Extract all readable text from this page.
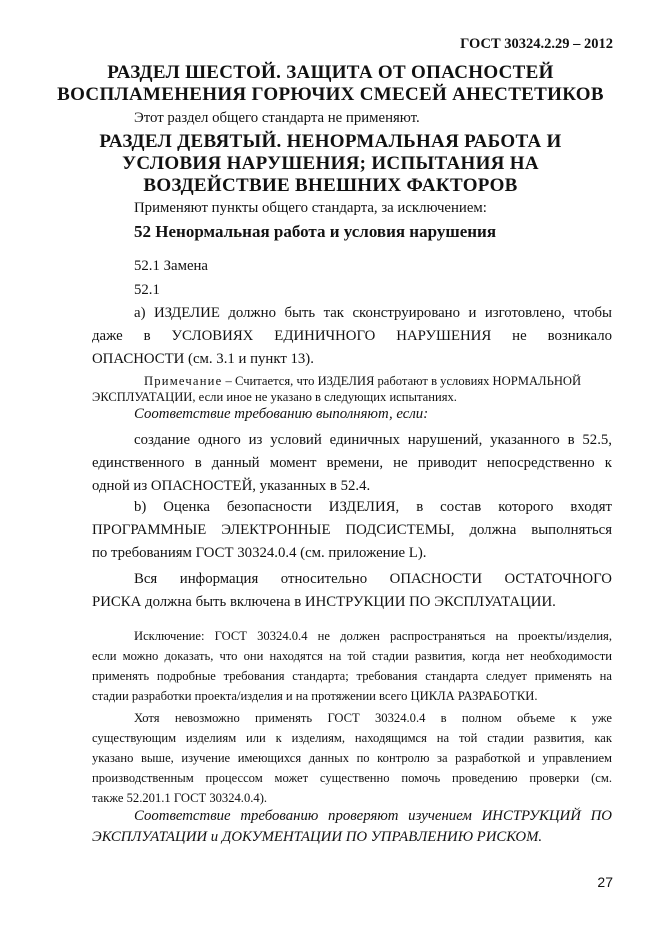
ГОСТ 30324.2.29 – 2012

РАЗДЕЛ ШЕСТОЙ. ЗАЩИТА ОТ ОПАСНОСТЕЙ
ВОСПЛАМЕНЕНИЯ ГОРЮЧИХ СМЕСЕЙ АНЕСТЕТИКОВ

Этот раздел общего стандарта не применяют.

РАЗДЕЛ ДЕВЯТЫЙ. НЕНОРМАЛЬНАЯ РАБОТА И
УСЛОВИЯ НАРУШЕНИЯ; ИСПЫТАНИЯ НА
ВОЗДЕЙСТВИЕ ВНЕШНИХ ФАКТОРОВ

Применяют пункты общего стандарта, за исключением:

52 Ненормальная работа и условия нарушения

52.1 Замена

52.1

a) ИЗДЕЛИЕ должно быть так сконструировано и изготовлено, чтобы

даже в УСЛОВИЯХ ЕДИНИЧНОГО НАРУШЕНИЯ не возникало

ОПАСНОСТИ (см. 3.1 и пункт 13).

Примечание – Считается, что ИЗДЕЛИЯ работают в условиях НОРМАЛЬНОЙ

ЭКСПЛУАТАЦИИ, если иное не указано в следующих испытаниях.

Соответствие требованию выполняют, если:

создание одного из условий единичных нарушений, указанного в 52.5,

единственного в данный момент времени, не приводит непосредственно к

одной из ОПАСНОСТЕЙ, указанных в 52.4.

b) Оценка безопасности ИЗДЕЛИЯ, в состав которого входят

ПРОГРАММНЫЕ ЭЛЕКТРОННЫЕ ПОДСИСТЕМЫ, должна выполняться

по требованиям ГОСТ 30324.0.4 (см. приложение L).

Вся информация относительно ОПАСНОСТИ ОСТАТОЧНОГО

РИСКА должна быть включена в ИНСТРУКЦИИ ПО ЭКСПЛУАТАЦИИ.

Исключение: ГОСТ 30324.0.4 не должен распространяться на проекты/изделия,

если можно доказать, что они находятся на той стадии развития, когда нет необходимости

применять подробные требования стандарта; требования стандарта следует применять на

стадии разработки проекта/изделия и на протяжении всего ЦИКЛА РАЗРАБОТКИ.

Хотя невозможно применять ГОСТ 30324.0.4 в полном объеме к уже

существующим изделиям или к изделиям, находящимся на той стадии развития, как

указано выше, изучение имеющихся данных по контролю за разработкой и управлением

производственным процессом может существенно помочь проведению проверки (см.

также 52.201.1 ГОСТ 30324.0.4).

Соответствие требованию проверяют изучением ИНСТРУКЦИЙ ПО

ЭКСПЛУАТАЦИИ и ДОКУМЕНТАЦИИ ПО УПРАВЛЕНИЮ РИСКОМ.

27
